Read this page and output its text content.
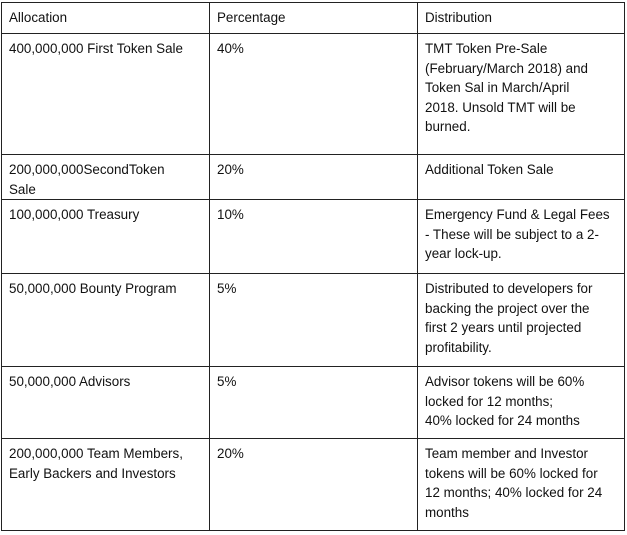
Allocation	Percentage	Distribution

400,000,000 First Token Sale	40%	TMT Token Pre-Sale
(February/March 2018) and
Token Sal in March/April
2018. Unsold TMT will be
burned.

200,000,000SecondToken
Sale	20%	Additional Token Sale

100,000,000 Treasury	10%	Emergency Fund & Legal Fees
- These will be subject to a 2-
year lock-up.

50,000,000 Bounty Program	5%	Distributed to developers for
backing the project over the
first 2 years until projected
profitability.

50,000,000 Advisors	5%	Advisor tokens will be 60%
locked for 12 months;
40% locked for 24 months

200,000,000 Team Members,
Early Backers and Investors	20%	Team member and Investor
tokens will be 60% locked for
12 months; 40% locked for 24
months
